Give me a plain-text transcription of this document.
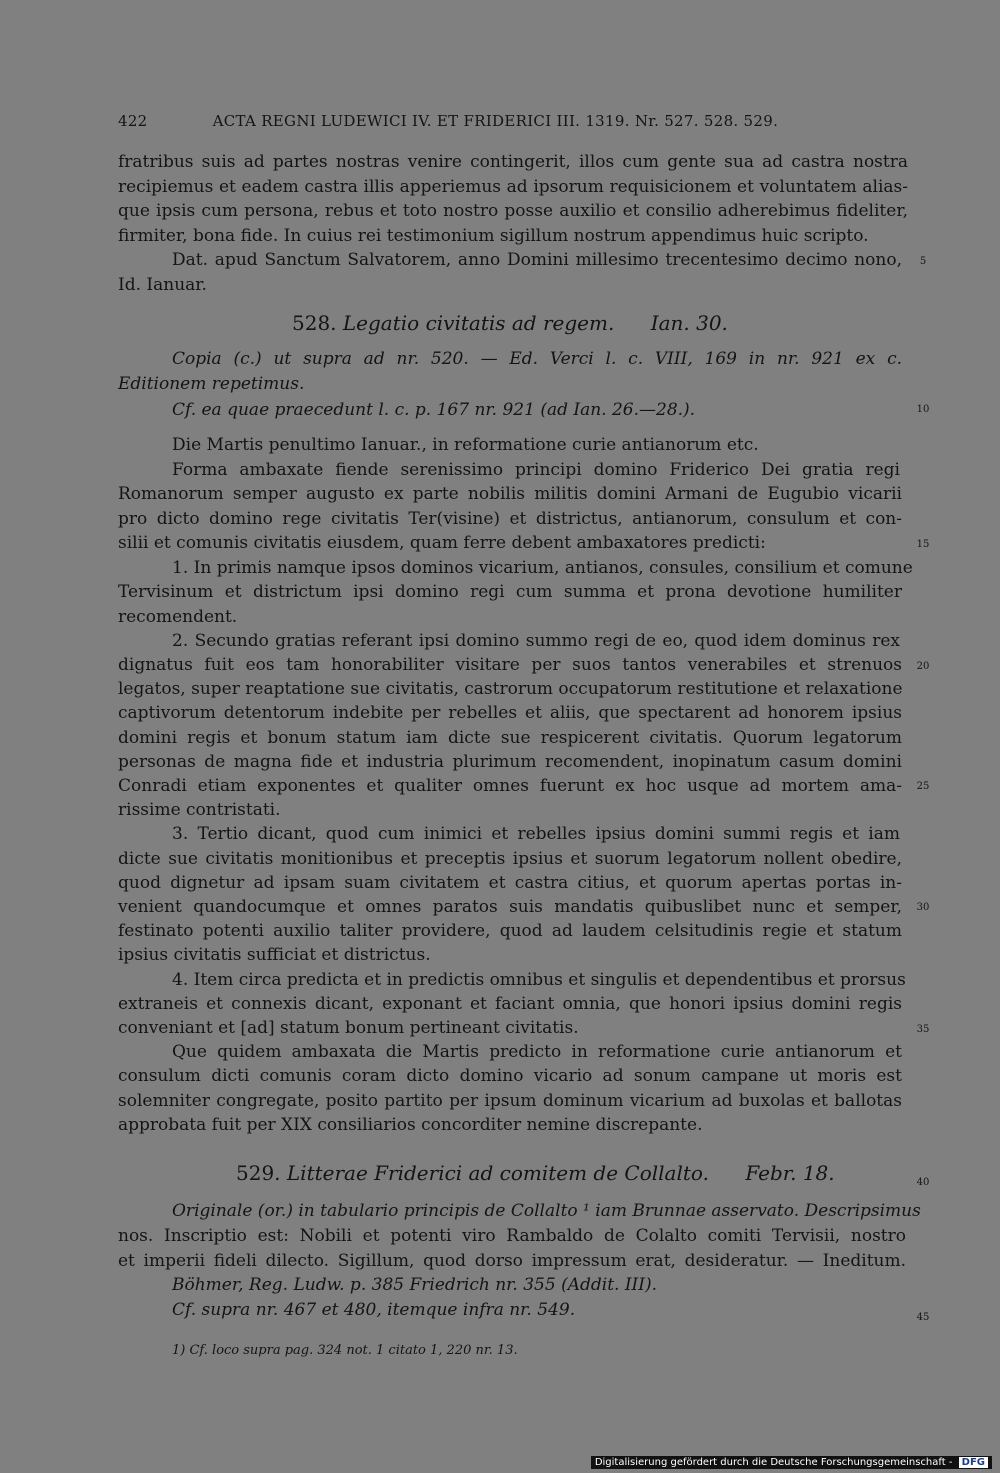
422	ACTA REGNI LUDEWICI IV. ET FRIDERICI III. 1319. Nr. 527. 528. 529.
fratribus suis ad partes nostras venire contingerit, illos cum gente sua ad castra nostra
recipiemus et eadem castra illis apperiemus ad ipsorum requisicionem et voluntatem alias-
que ipsis cum persona, rebus et toto nostro posse auxilio et consilio adherebimus fideliter,
firmiter, bona fide. In cuius rei testimonium sigillum nostrum appendimus huic scripto.
Dat. apud Sanctum Salvatorem, anno Domini millesimo trecentesimo decimo nono,
Id. Ianuar.
528. Legatio civitatis ad regem. Ian. 30.
Copia (c.) ut supra ad nr. 520. — Ed. Verci l. c. VIII, 169 in nr. 921 ex c.
Editionem repetimus.
Cf. ea quae praecedunt l. c. p. 167 nr. 921 (ad Ian. 26.—28.).
Die Martis penultimo Ianuar., in reformatione curie antianorum etc.
Forma ambaxate fiende serenissimo principi domino Friderico Dei gratia regi
Romanorum semper augusto ex parte nobilis militis domini Armani de Eugubio vicarii
pro dicto domino rege civitatis Ter(visine) et districtus, antianorum, consulum et con-
silii et comunis civitatis eiusdem, quam ferre debent ambaxatores predicti:
1. In primis namque ipsos dominos vicarium, antianos, consules, consilium et comune
Tervisinum et districtum ipsi domino regi cum summa et prona devotione humiliter
recomendent.
2. Secundo gratias referant ipsi domino summo regi de eo, quod idem dominus rex
dignatus fuit eos tam honorabiliter visitare per suos tantos venerabiles et strenuos
legatos, super reaptatione sue civitatis, castrorum occupatorum restitutione et relaxatione
captivorum detentorum indebite per rebelles et aliis, que spectarent ad honorem ipsius
domini regis et bonum statum iam dicte sue respicerent civitatis. Quorum legatorum
personas de magna fide et industria plurimum recomendent, inopinatum casum domini
Conradi etiam exponentes et qualiter omnes fuerunt ex hoc usque ad mortem ama-
rissime contristati.
3. Tertio dicant, quod cum inimici et rebelles ipsius domini summi regis et iam
dicte sue civitatis monitionibus et preceptis ipsius et suorum legatorum nollent obedire,
quod dignetur ad ipsam suam civitatem et castra citius, et quorum apertas portas in-
venient quandocumque et omnes paratos suis mandatis quibuslibet nunc et semper,
festinato potenti auxilio taliter providere, quod ad laudem celsitudinis regie et statum
ipsius civitatis sufficiat et districtus.
4. Item circa predicta et in predictis omnibus et singulis et dependentibus et prorsus
extraneis et connexis dicant, exponant et faciant omnia, que honori ipsius domini regis
conveniant et [ad] statum bonum pertineant civitatis.
Que quidem ambaxata die Martis predicto in reformatione curie antianorum et
consulum dicti comunis coram dicto domino vicario ad sonum campane ut moris est
solemniter congregate, posito partito per ipsum dominum vicarium ad buxolas et ballotas
approbata fuit per XIX consiliarios concorditer nemine discrepante.
529. Litterae Friderici ad comitem de Collalto. Febr. 18.
Originale (or.) in tabulario principis de Collalto ¹ iam Brunnae asservato. Descripsimus
nos. Inscriptio est: Nobili et potenti viro Rambaldo de Colalto comiti Tervisii, nostro
et imperii fideli dilecto. Sigillum, quod dorso impressum erat, desideratur. — Ineditum.
Böhmer, Reg. Ludw. p. 385 Friedrich nr. 355 (Addit. III).
Cf. supra nr. 467 et 480, itemque infra nr. 549.
1) Cf. loco supra pag. 324 not. 1 citato 1, 220 nr. 13.
5
10
15
20
25
30
35
40
45
Digitalisierung gefördert durch die Deutsche Forschungsgemeinschaft - DFG
